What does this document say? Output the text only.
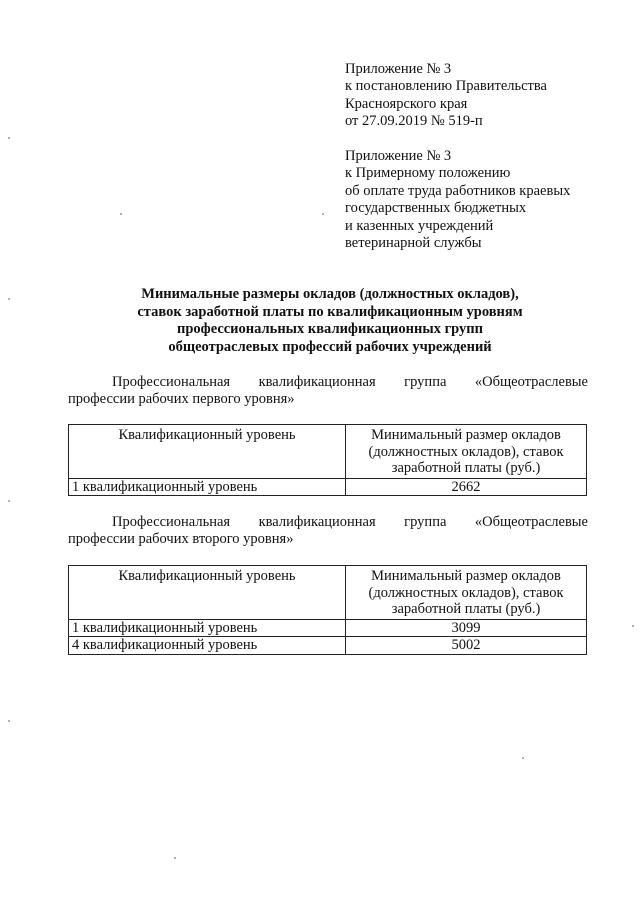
Приложение № 3
к постановлению Правительства
Красноярского края
от 27.09.2019 № 519-п
Приложение № 3
к Примерному положению
об оплате труда работников краевых
государственных бюджетных
и казенных учреждений
ветеринарной службы
Минимальные размеры окладов (должностных окладов),
ставок заработной платы по квалификационным уровням
профессиональных квалификационных групп
общеотраслевых профессий рабочих учреждений
Профессиональная квалификационная группа «Общеотраслевые
профессии рабочих первого уровня»
Квалификационный уровень	Минимальный размер окладов
(должностных окладов), ставок
заработной платы (руб.)

1 квалификационный уровень	2662
Профессиональная квалификационная группа «Общеотраслевые
профессии рабочих второго уровня»
Квалификационный уровень	Минимальный размер окладов
(должностных окладов), ставок
заработной платы (руб.)

1 квалификационный уровень	3099
4 квалификационный уровень	5002
